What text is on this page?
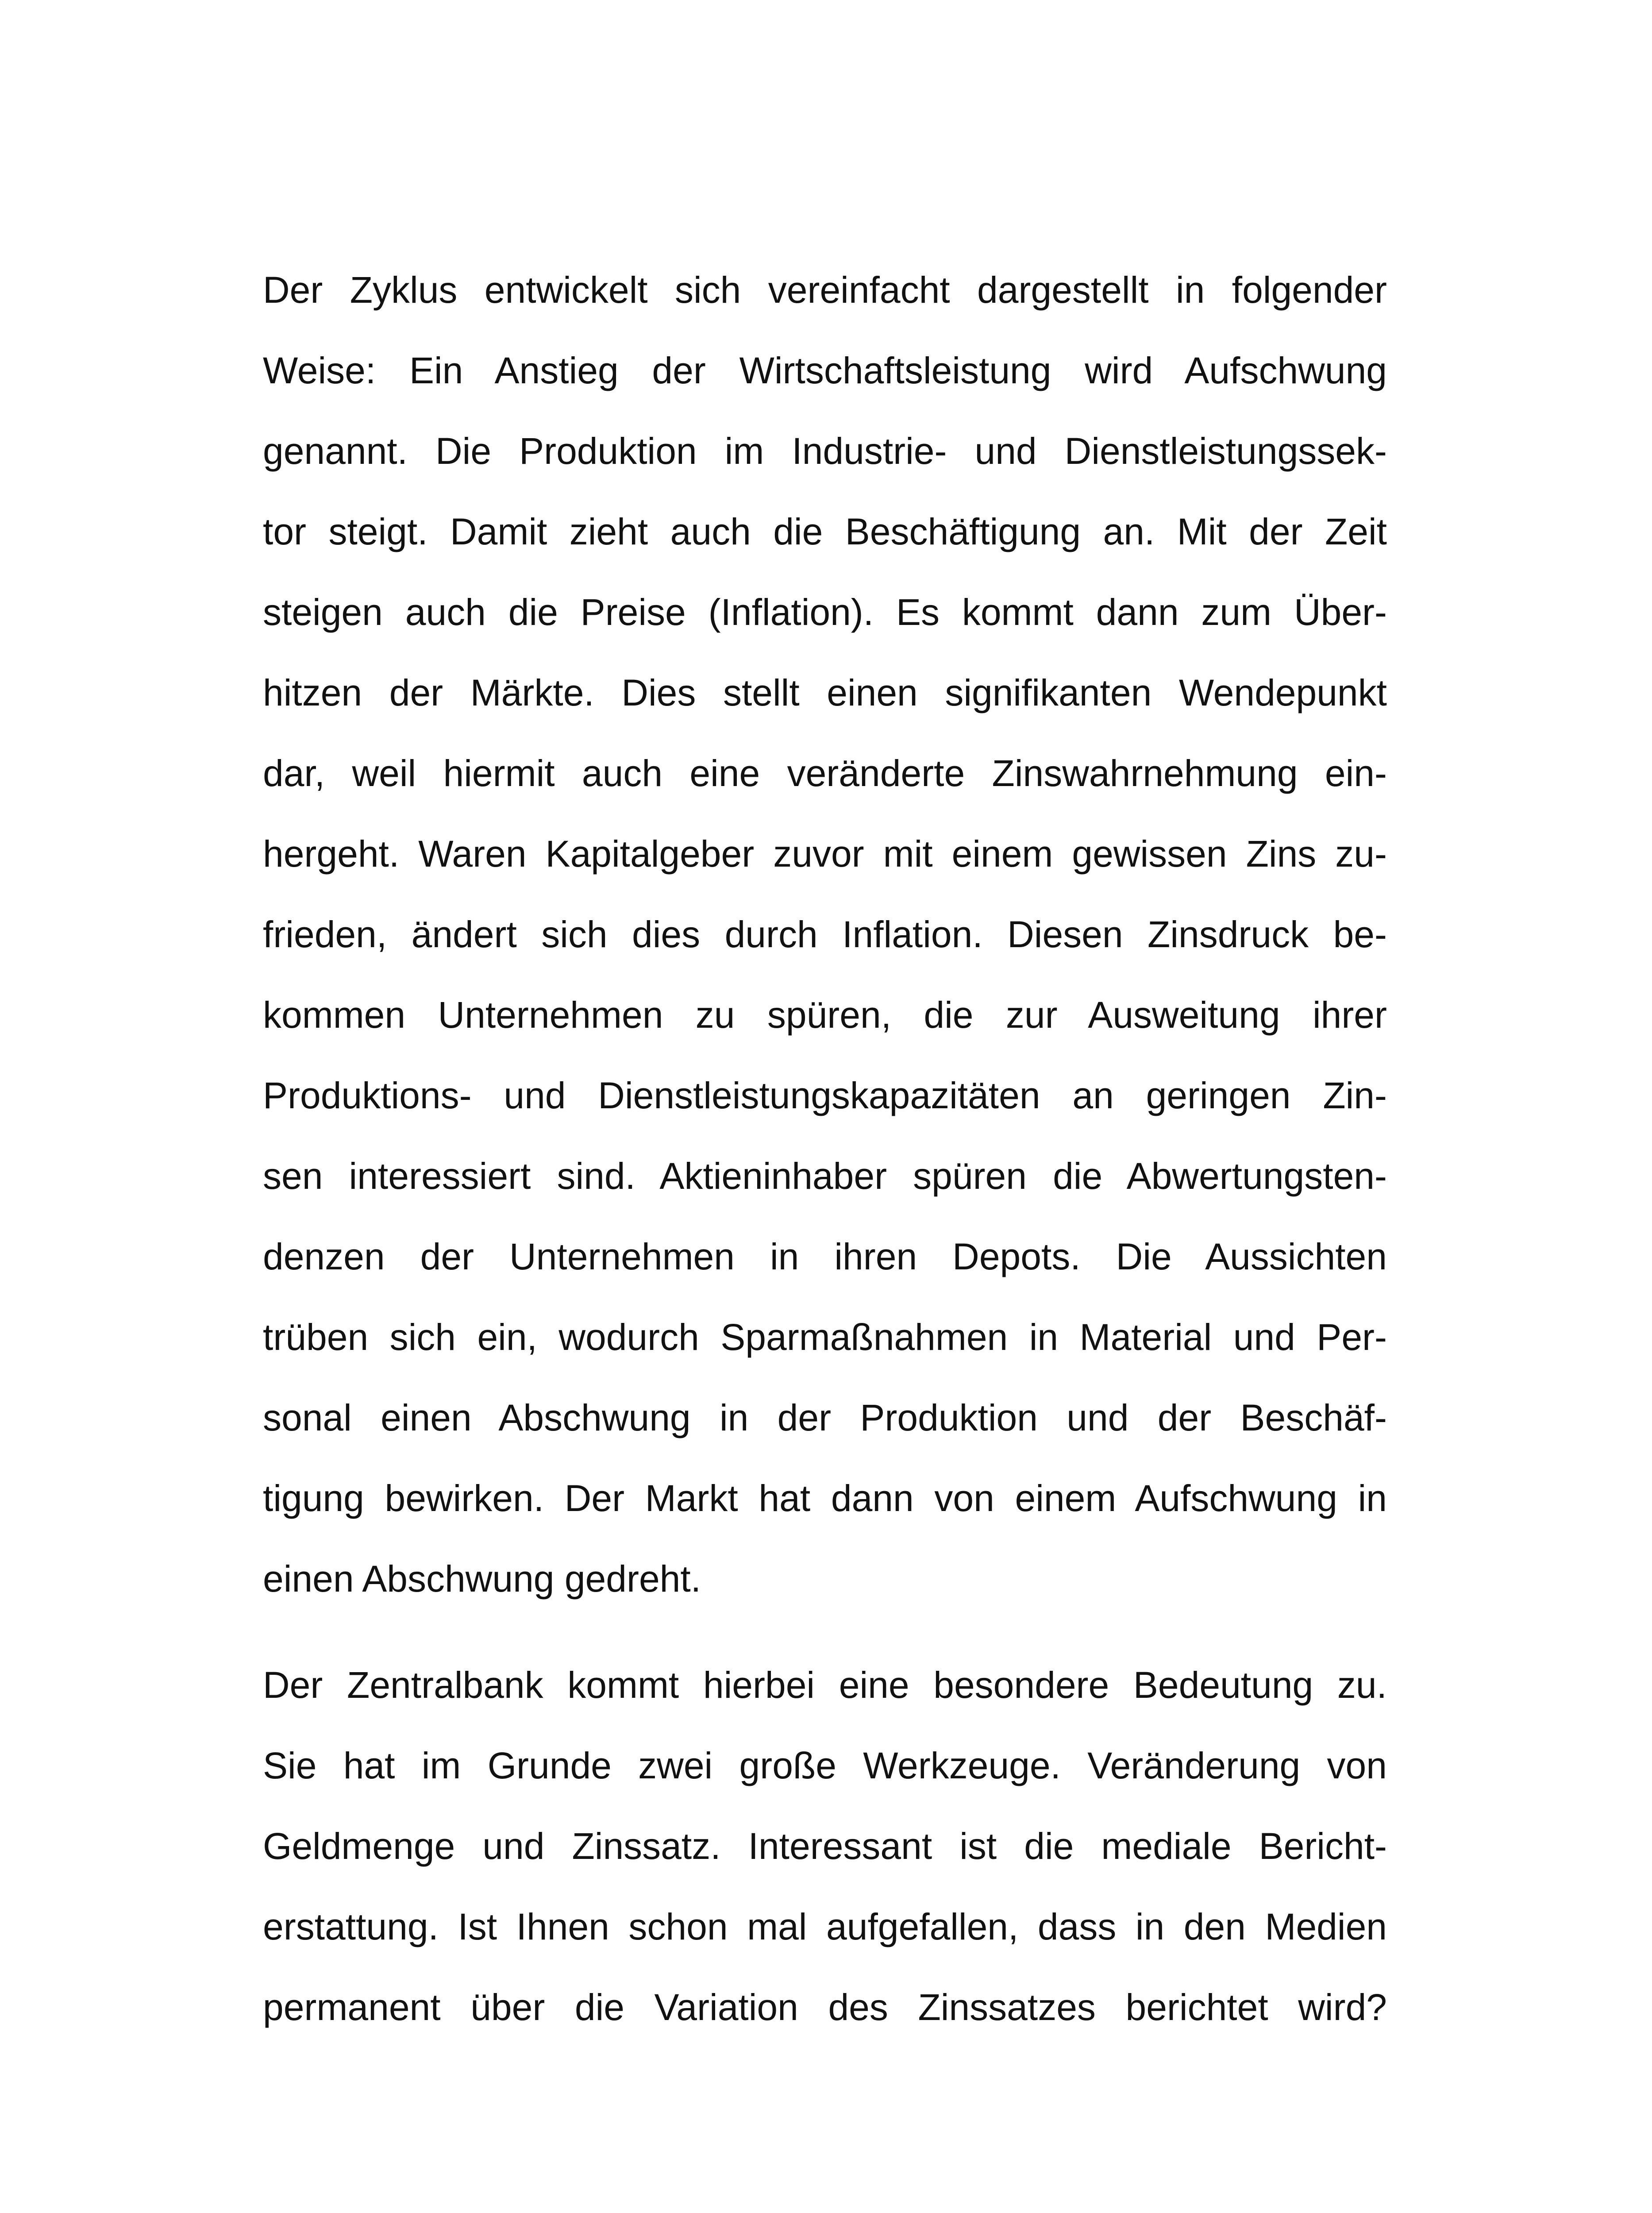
Der Zyklus entwickelt sich vereinfacht dargestellt in folgender
Weise: Ein Anstieg der Wirtschaftsleistung wird Aufschwung
genannt. Die Produktion im Industrie- und Dienstleistungssek-
tor steigt. Damit zieht auch die Beschäftigung an. Mit der Zeit
steigen auch die Preise (Inflation). Es kommt dann zum Über-
hitzen der Märkte. Dies stellt einen signifikanten Wendepunkt
dar, weil hiermit auch eine veränderte Zinswahrnehmung ein-
hergeht. Waren Kapitalgeber zuvor mit einem gewissen Zins zu-
frieden, ändert sich dies durch Inflation. Diesen Zinsdruck be-
kommen Unternehmen zu spüren, die zur Ausweitung ihrer
Produktions- und Dienstleistungskapazitäten an geringen Zin-
sen interessiert sind. Aktieninhaber spüren die Abwertungsten-
denzen der Unternehmen in ihren Depots. Die Aussichten
trüben sich ein, wodurch Sparmaßnahmen in Material und Per-
sonal einen Abschwung in der Produktion und der Beschäf-
tigung bewirken. Der Markt hat dann von einem Aufschwung in
einen Abschwung gedreht.
Der Zentralbank kommt hierbei eine besondere Bedeutung zu.
Sie hat im Grunde zwei große Werkzeuge. Veränderung von
Geldmenge und Zinssatz. Interessant ist die mediale Bericht-
erstattung. Ist Ihnen schon mal aufgefallen, dass in den Medien
permanent über die Variation des Zinssatzes berichtet wird?
